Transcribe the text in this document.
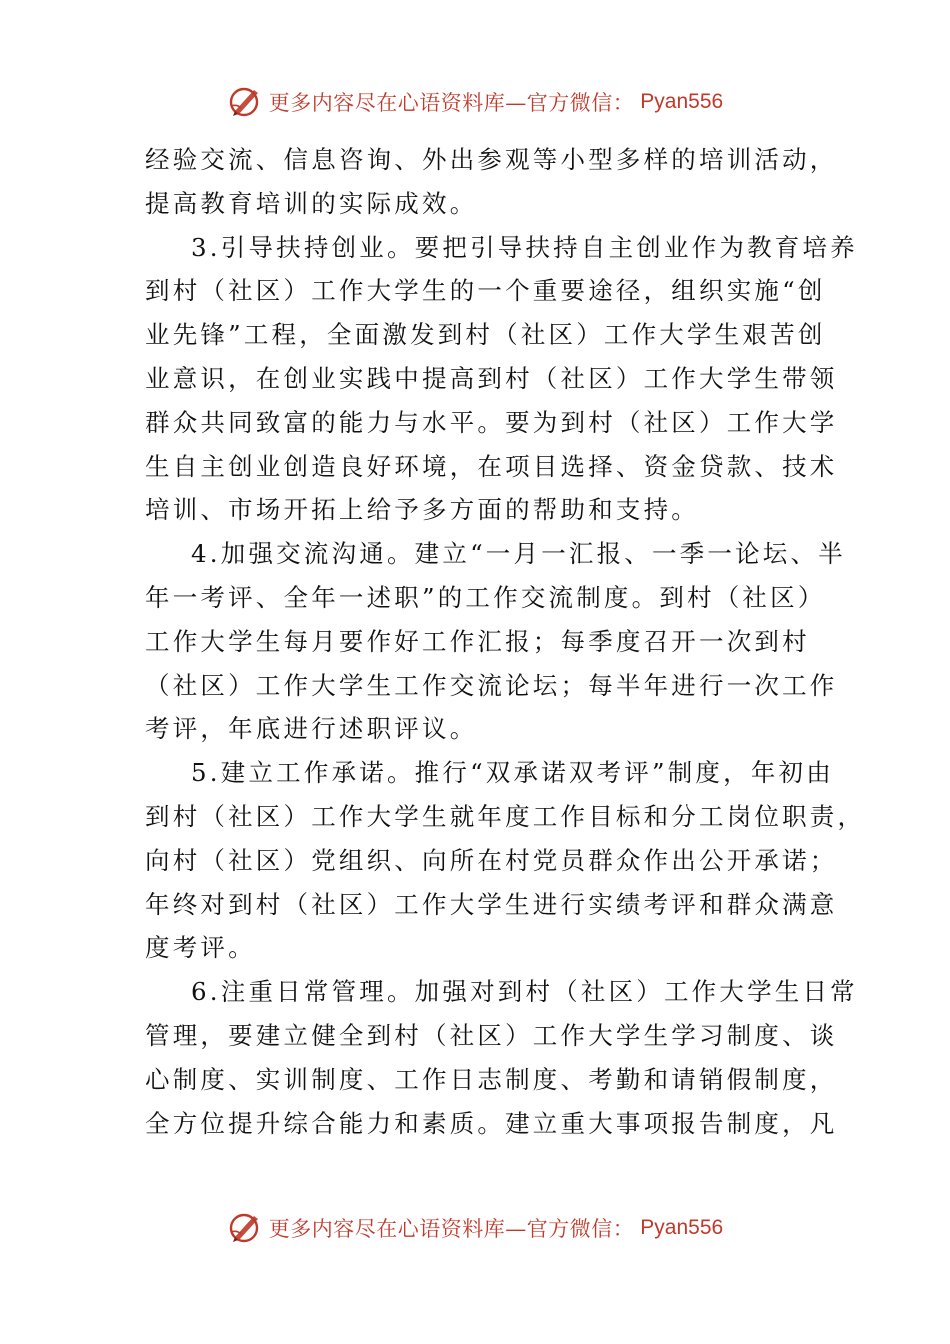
更多内容尽在心语资料库—官方微信： Pyan556
经验交流、信息咨询、外出参观等小型多样的培训活动，
提高教育培训的实际成效。
3.引导扶持创业。要把引导扶持自主创业作为教育培养
到村（社区）工作大学生的一个重要途径，组织实施“创
业先锋”工程，全面激发到村（社区）工作大学生艰苦创
业意识，在创业实践中提高到村（社区）工作大学生带领
群众共同致富的能力与水平。要为到村（社区）工作大学
生自主创业创造良好环境，在项目选择、资金贷款、技术
培训、市场开拓上给予多方面的帮助和支持。
4.加强交流沟通。建立“一月一汇报、一季一论坛、半
年一考评、全年一述职”的工作交流制度。到村（社区）
工作大学生每月要作好工作汇报；每季度召开一次到村
（社区）工作大学生工作交流论坛；每半年进行一次工作
考评，年底进行述职评议。
5.建立工作承诺。推行“双承诺双考评”制度，年初由
到村（社区）工作大学生就年度工作目标和分工岗位职责，
向村（社区）党组织、向所在村党员群众作出公开承诺；
年终对到村（社区）工作大学生进行实绩考评和群众满意
度考评。
6.注重日常管理。加强对到村（社区）工作大学生日常
管理，要建立健全到村（社区）工作大学生学习制度、谈
心制度、实训制度、工作日志制度、考勤和请销假制度，
全方位提升综合能力和素质。建立重大事项报告制度，凡
更多内容尽在心语资料库—官方微信： Pyan556
